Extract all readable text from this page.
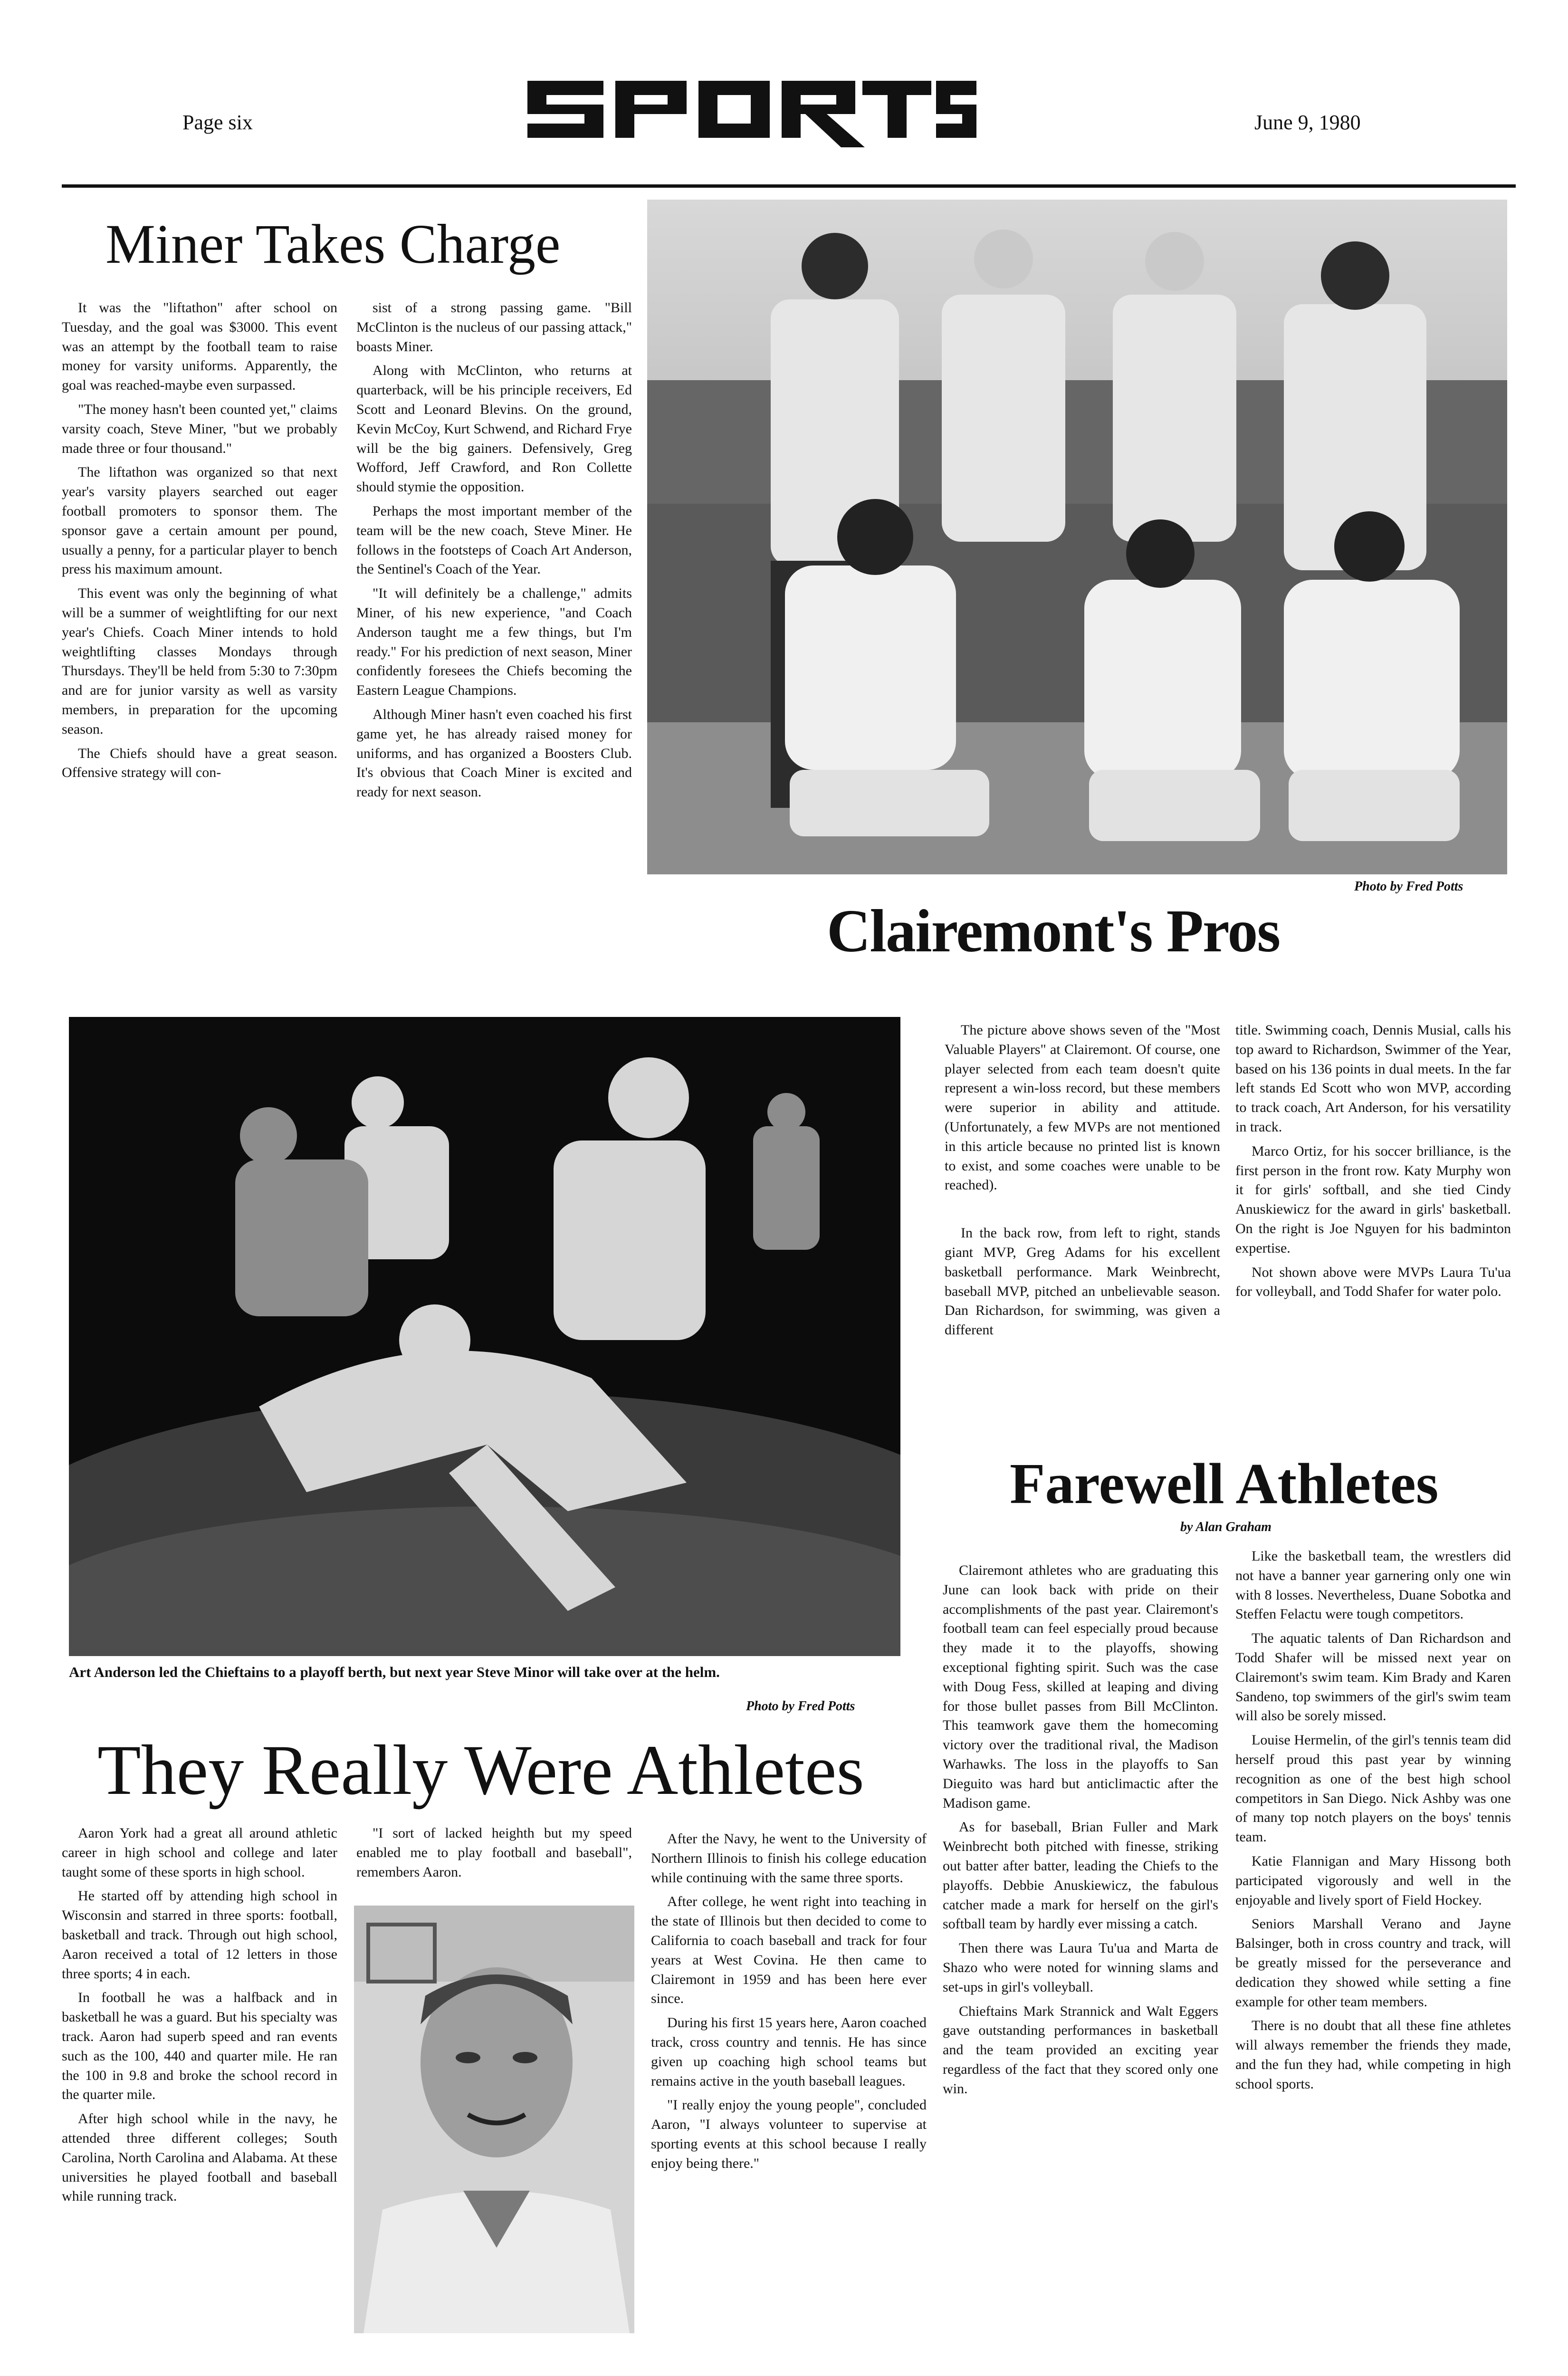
Page six	June 9, 1980
Miner Takes Charge

It was the "liftathon" after school on Tuesday, and the goal was $3000. This event was an attempt by the football team to raise money for varsity uniforms. Apparently, the goal was reached-maybe even surpassed.

"The money hasn't been counted yet," claims varsity coach, Steve Miner, "but we probably made three or four thousand."

The liftathon was organized so that next year's varsity players searched out eager football promoters to sponsor them. The sponsor gave a certain amount per pound, usually a penny, for a particular player to bench press his maximum amount.

This event was only the beginning of what will be a summer of weightlifting for our next year's Chiefs. Coach Miner intends to hold weightlifting classes Mondays through Thursdays. They'll be held from 5:30 to 7:30pm and are for junior varsity as well as varsity members, in preparation for the upcoming season.

The Chiefs should have a great season. Offensive strategy will con-

sist of a strong passing game. "Bill McClinton is the nucleus of our passing attack," boasts Miner.

Along with McClinton, who returns at quarterback, will be his principle receivers, Ed Scott and Leonard Blevins. On the ground, Kevin McCoy, Kurt Schwend, and Richard Frye will be the big gainers. Defensively, Greg Wofford, Jeff Crawford, and Ron Collette should stymie the opposition.

Perhaps the most important member of the team will be the new coach, Steve Miner. He follows in the footsteps of Coach Art Anderson, the Sentinel's Coach of the Year.

"It will definitely be a challenge," admits Miner, of his new experience, "and Coach Anderson taught me a few things, but I'm ready." For his prediction of next season, Miner confidently foresees the Chiefs becoming the Eastern League Champions.

Although Miner hasn't even coached his first game yet, he has already raised money for uniforms, and has organized a Boosters Club. It's obvious that Coach Miner is excited and ready for next season.

Photo by Fred Potts
Clairemont's Pros
Art Anderson led the Chieftains to a playoff berth, but next year Steve Minor will take over at the helm.
Photo by Fred Potts

The picture above shows seven of the "Most Valuable Players" at Clairemont. Of course, one player selected from each team doesn't quite represent a win-loss record, but these members were superior in ability and attitude. (Unfortunately, a few MVPs are not mentioned in this article because no printed list is known to exist, and some coaches were unable to be reached).

In the back row, from left to right, stands giant MVP, Greg Adams for his excellent basketball performance. Mark Weinbrecht, baseball MVP, pitched an unbelievable season. Dan Richardson, for swimming, was given a different

title. Swimming coach, Dennis Musial, calls his top award to Richardson, Swimmer of the Year, based on his 136 points in dual meets. In the far left stands Ed Scott who won MVP, according to track coach, Art Anderson, for his versatility in track.

Marco Ortiz, for his soccer brilliance, is the first person in the front row. Katy Murphy won it for girls' softball, and she tied Cindy Anuskiewicz for the award in girls' basketball. On the right is Joe Nguyen for his badminton expertise.

Not shown above were MVPs Laura Tu'ua for volleyball, and Todd Shafer for water polo.

Farewell Athletes
by Alan Graham

Clairemont athletes who are graduating this June can look back with pride on their accomplishments of the past year. Clairemont's football team can feel especially proud because they made it to the playoffs, showing exceptional fighting spirit. Such was the case with Doug Fess, skilled at leaping and diving for those bullet passes from Bill McClinton. This teamwork gave them the homecoming victory over the traditional rival, the Madison Warhawks. The loss in the playoffs to San Dieguito was hard but anticlimactic after the Madison game.

As for baseball, Brian Fuller and Mark Weinbrecht both pitched with finesse, striking out batter after batter, leading the Chiefs to the playoffs. Debbie Anuskiewicz, the fabulous catcher made a mark for herself on the girl's softball team by hardly ever missing a catch.

Then there was Laura Tu'ua and Marta de Shazo who were noted for winning slams and set-ups in girl's volleyball.

Chieftains Mark Strannick and Walt Eggers gave outstanding performances in basketball and the team provided an exciting year regardless of the fact that they scored only one win.

Like the basketball team, the wrestlers did not have a banner year garnering only one win with 8 losses. Nevertheless, Duane Sobotka and Steffen Felactu were tough competitors.

The aquatic talents of Dan Richardson and Todd Shafer will be missed next year on Clairemont's swim team. Kim Brady and Karen Sandeno, top swimmers of the girl's swim team will also be sorely missed.

Louise Hermelin, of the girl's tennis team did herself proud this past year by winning recognition as one of the best high school competitors in San Diego. Nick Ashby was one of many top notch players on the boys' tennis team.

Katie Flannigan and Mary Hissong both participated vigorously and well in the enjoyable and lively sport of Field Hockey.

Seniors Marshall Verano and Jayne Balsinger, both in cross country and track, will be greatly missed for the perseverance and dedication they showed while setting a fine example for other team members.

There is no doubt that all these fine athletes will always remember the friends they made, and the fun they had, while competing in high school sports.

They Really Were Athletes

Aaron York had a great all around athletic career in high school and college and later taught some of these sports in high school.

He started off by attending high school in Wisconsin and starred in three sports: football, basketball and track. Through out high school, Aaron received a total of 12 letters in those three sports; 4 in each.

In football he was a halfback and in basketball he was a guard. But his specialty was track. Aaron had superb speed and ran events such as the 100, 440 and quarter mile. He ran the 100 in 9.8 and broke the school record in the quarter mile.

After high school while in the navy, he attended three different colleges; South Carolina, North Carolina and Alabama. At these universities he played football and baseball while running track.

"I sort of lacked heighth but my speed enabled me to play football and baseball", remembers Aaron.

After the Navy, he went to the University of Northern Illinois to finish his college education while continuing with the same three sports.

After college, he went right into teaching in the state of Illinois but then decided to come to California to coach baseball and track for four years at West Covina. He then came to Clairemont in 1959 and has been here ever since.

During his first 15 years here, Aaron coached track, cross country and tennis. He has since given up coaching high school teams but remains active in the youth baseball leagues.

"I really enjoy the young people", concluded Aaron, "I always volunteer to supervise at sporting events at this school because I really enjoy being there."
